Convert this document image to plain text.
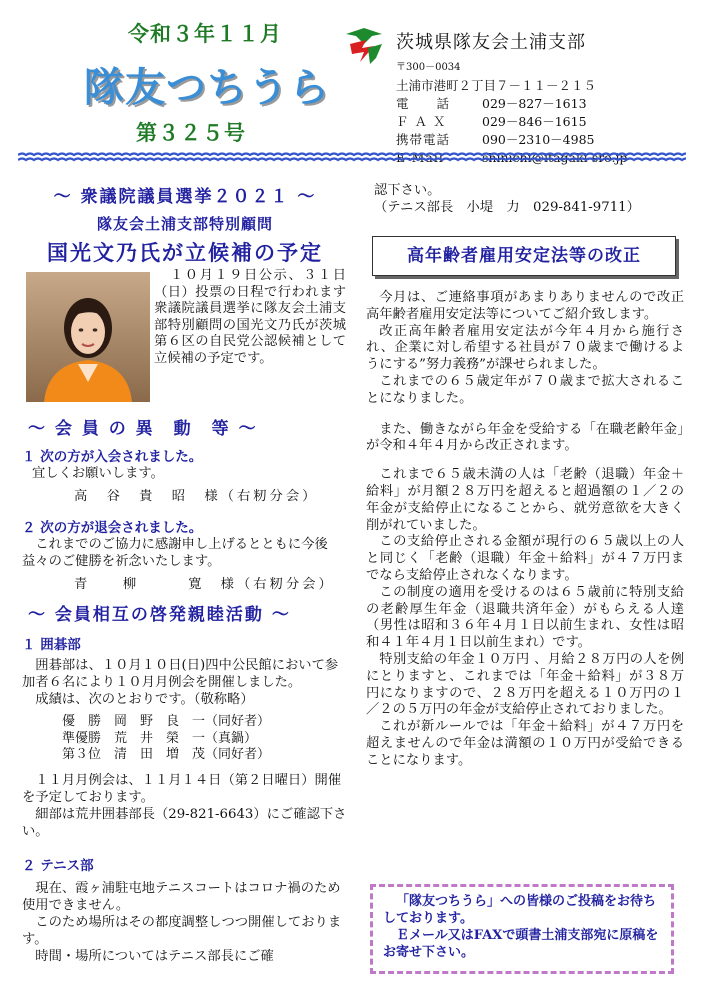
令和３年１１月
隊友つちうら
第３２５号
茨城県隊友会土浦支部
〒300－0034
土浦市港町２丁目７－１１－２１５
電　　話	029－827－1613
Ｆ Ａ Ｘ	029－846－1615
携帯電話	090－2310－4985
E-Mail	shinichi@itagaki-sro.jp
～ 衆議院議員選挙２０２１ ～
隊友会土浦支部特別顧問
国光文乃氏が立候補の予定
１０月１９日公示、３１日（日）投票の日程で行われます衆議院議員選挙に隊友会土浦支部特別顧問の国光文乃氏が茨城第６区の自民党公認候補として立候補の予定です。
～ 会 員 の 異　動　等 ～
１ 次の方が入会されました。
宜しくお願いします。
高　谷　貴　昭　様（右籾分会）
２ 次の方が退会されました。
これまでのご協力に感謝申し上げるとともに今後益々のご健勝を祈念いたします。
青　　柳　　　寛　様（右籾分会）
～ 会員相互の啓発親睦活動 ～
１ 囲碁部
囲碁部は、１０月１０日(日)四中公民館において参加者６名により１０月月例会を開催しました。
成績は、次のとおりです。（敬称略）
優　勝　岡　野　良　一（同好者）
準優勝　荒　井　榮　一（真鍋）
第３位　清　田　増　茂（同好者）
１１月月例会は、１１月１４日（第２日曜日）開催を予定しております。
細部は荒井囲碁部長（29-821-6643）にご確認下さい。
２ テニス部
現在、霞ヶ浦駐屯地テニスコートはコロナ禍のため使用できません。
このため場所はその都度調整しつつ開催しております。
時間・場所についてはテニス部長にご確
認下さい。
（テニス部長　小堤　力　029-841-9711）
高年齢者雇用安定法等の改正

今月は、ご連絡事項があまりありませんので改正高年齢者雇用安定法等についてご紹介致します。

改正高年齢者雇用安定法が今年４月から施行され、企業に対し希望する社員が７０歳まで働けるようにする”努力義務”が課せられました。

これまでの６５歳定年が７０歳まで拡大されることになりました。

また、働きながら年金を受給する「在職老齢年金」が令和４年４月から改正されます。

これまで６５歳未満の人は「老齢（退職）年金＋給料」が月額２８万円を超えると超過額の１／２の年金が支給停止になることから、就労意欲を大きく削がれていました。

この支給停止される金額が現行の６５歳以上の人と同じく「老齢（退職）年金＋給料」が４７万円までなら支給停止されなくなります。

この制度の適用を受けるのは６５歳前に特別支給の老齢厚生年金（退職共済年金）がもらえる人達（男性は昭和３６年４月１日以前生まれ、女性は昭和４１年４月１日以前生まれ）です。

特別支給の年金１０万円 、月給２８万円の人を例にとりますと、これまでは「年金＋給料」が３８万円になりますので、２８万円を超える１０万円の１／２の５万円の年金が支給停止されておりました。

これが新ルールでは「年金＋給料」が４７万円を超えませんので年金は満額の１０万円が受給できることになります。

「隊友つちうら」への皆様のご投稿をお待ちしております。
Ｅメール又はFAXで頭書土浦支部宛に原稿をお寄せ下さい。
